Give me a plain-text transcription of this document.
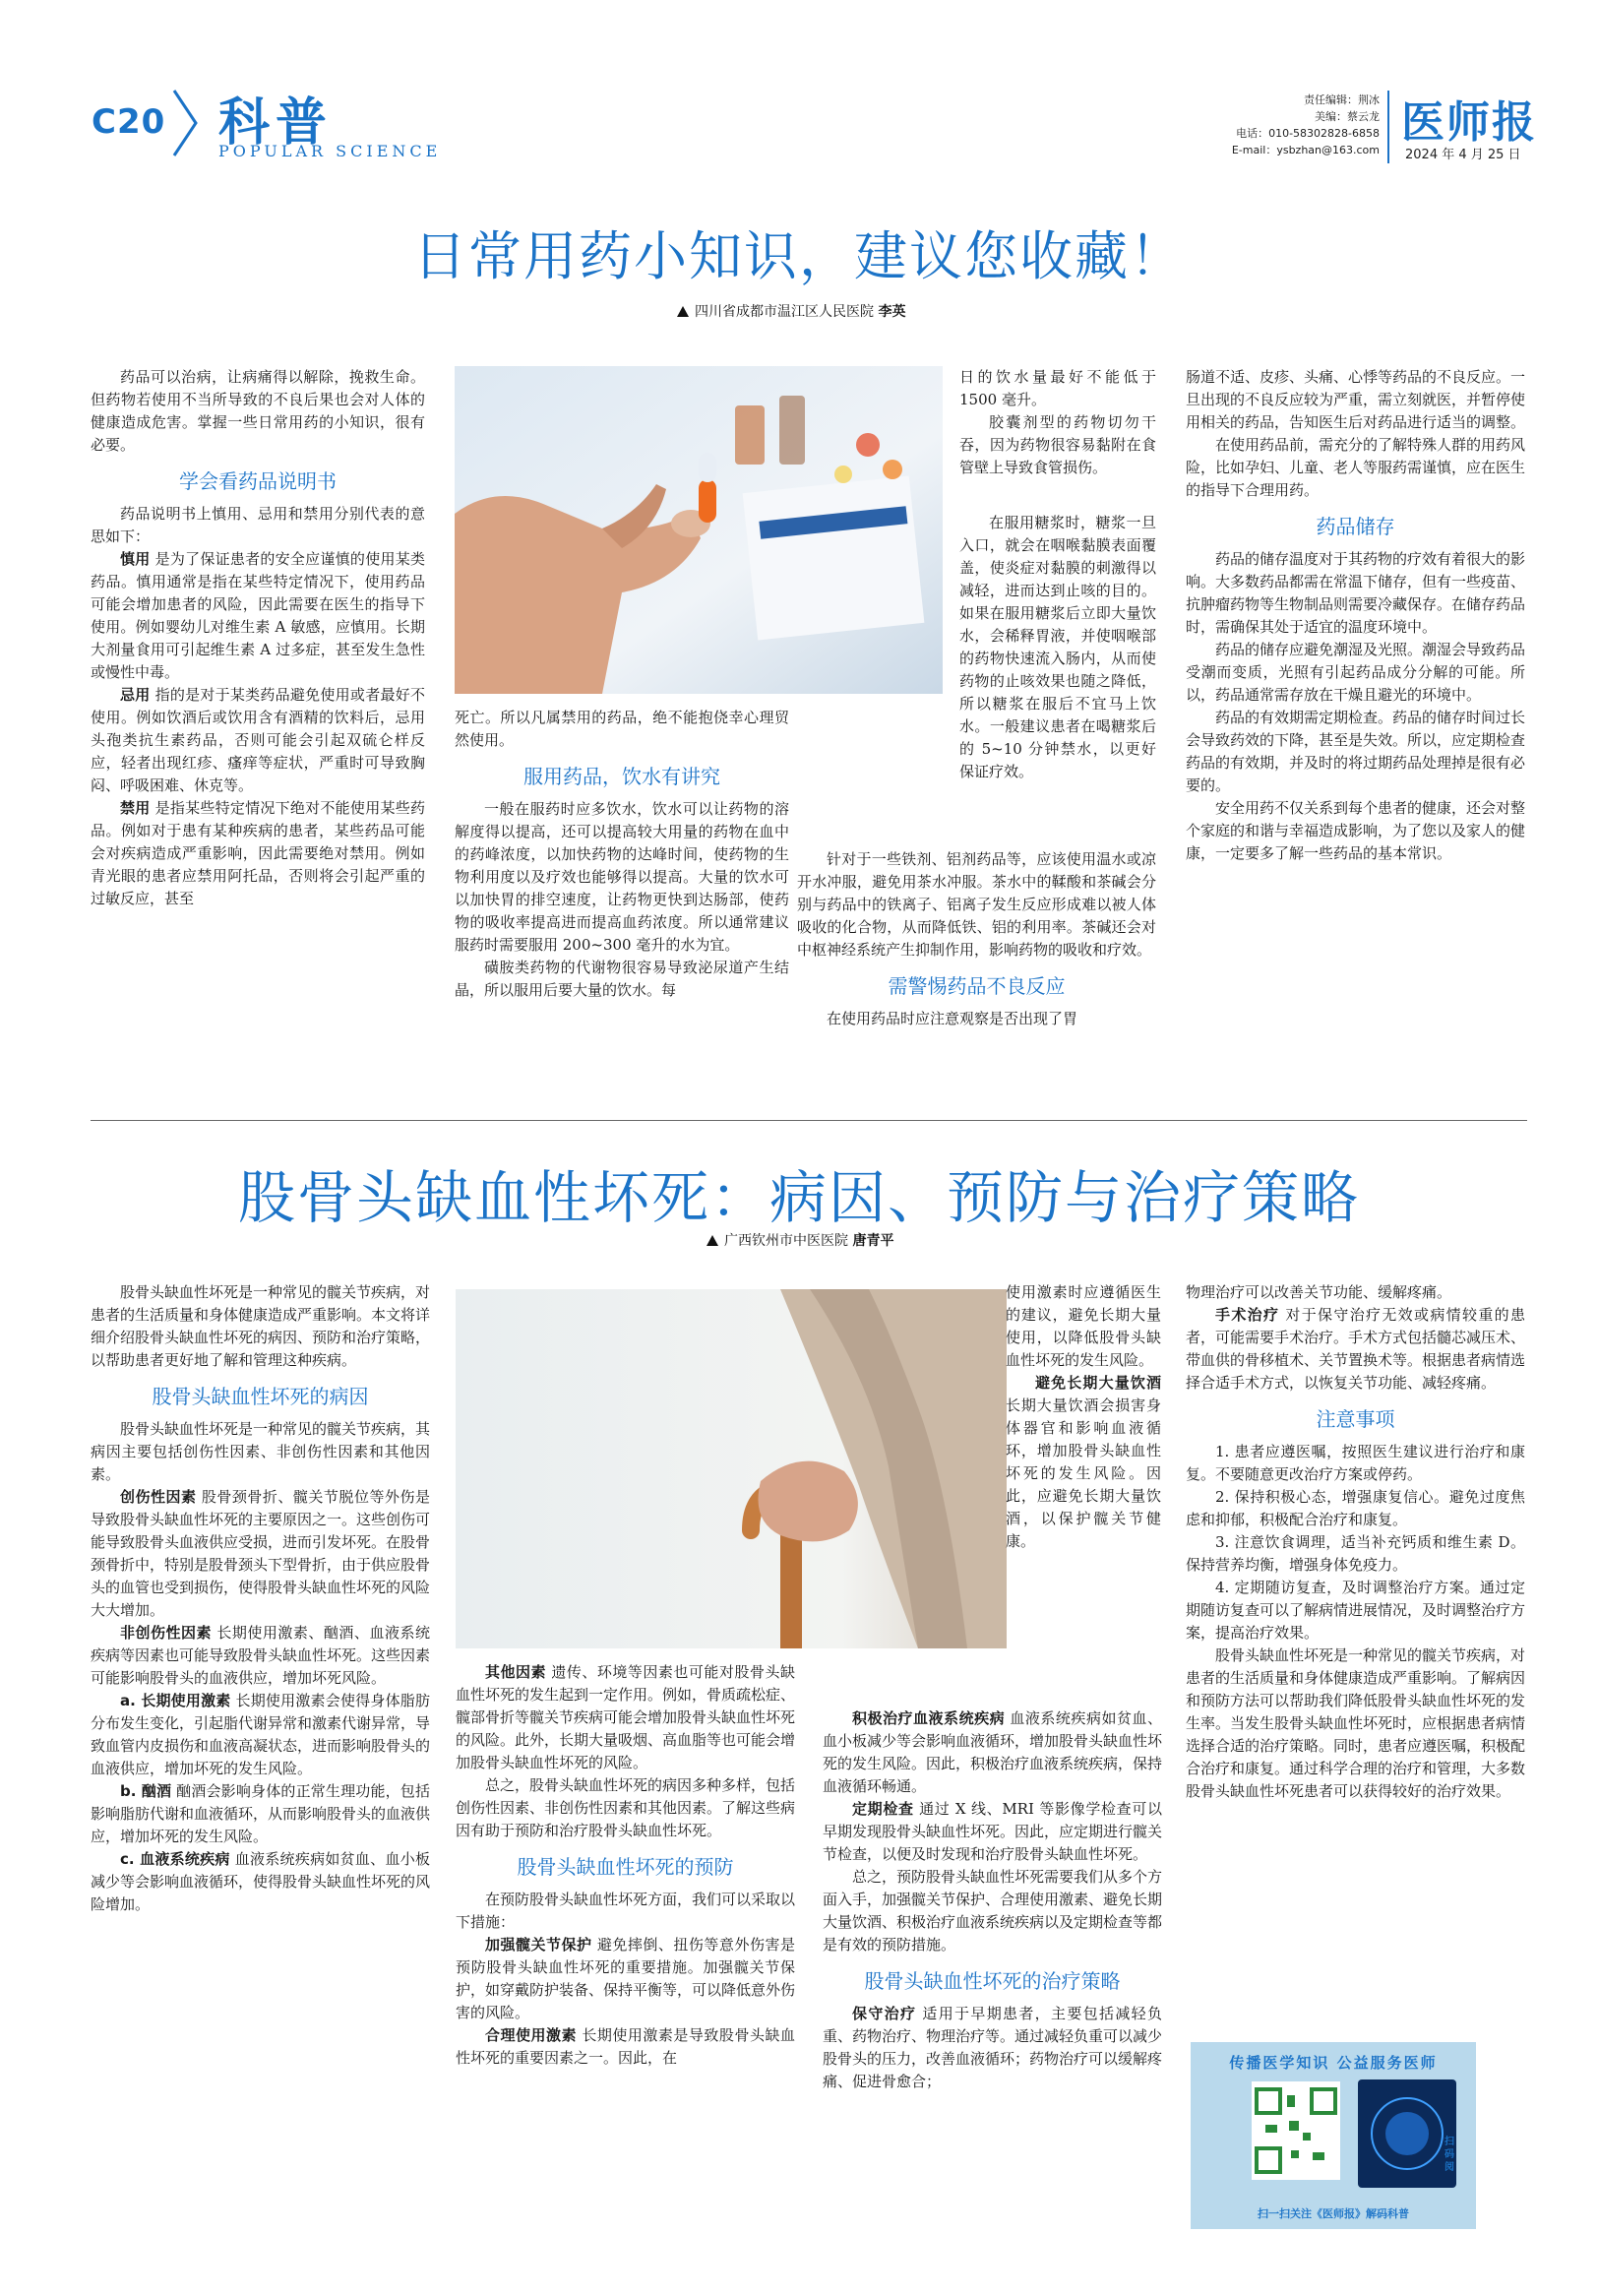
C20 科普
POPULAR SCIENCE
责任编辑：荆冰
美编：蔡云龙
电话：010-58302828-6858
E-mail：ysbzhan@163.com
医师报
2024 年 4 月 25 日
日常用药小知识，建议您收藏！
四川省成都市温江区人民医院 李英

药品可以治病，让病痛得以解除，挽救生命。但药物若使用不当所导致的不良后果也会对人体的健康造成危害。掌握一些日常用药的小知识，很有必要。

学会看药品说明书

药品说明书上慎用、忌用和禁用分别代表的意思如下：

慎用 是为了保证患者的安全应谨慎的使用某类药品。慎用通常是指在某些特定情况下，使用药品可能会增加患者的风险，因此需要在医生的指导下使用。例如婴幼儿对维生素 A 敏感，应慎用。长期大剂量食用可引起维生素 A 过多症，甚至发生急性或慢性中毒。

忌用 指的是对于某类药品避免使用或者最好不使用。例如饮酒后或饮用含有酒精的饮料后，忌用头孢类抗生素药品，否则可能会引起双硫仑样反应，轻者出现红疹、瘙痒等症状，严重时可导致胸闷、呼吸困难、休克等。

禁用 是指某些特定情况下绝对不能使用某些药品。例如对于患有某种疾病的患者，某些药品可能会对疾病造成严重影响，因此需要绝对禁用。例如青光眼的患者应禁用阿托品，否则将会引起严重的过敏反应，甚至

死亡。所以凡属禁用的药品，绝不能抱侥幸心理贸然使用。

服用药品，饮水有讲究

一般在服药时应多饮水，饮水可以让药物的溶解度得以提高，还可以提高较大用量的药物在血中的药峰浓度，以加快药物的达峰时间，使药物的生物利用度以及疗效也能够得以提高。大量的饮水可以加快胃的排空速度，让药物更快到达肠部，使药物的吸收率提高进而提高血药浓度。所以通常建议服药时需要服用 200~300 毫升的水为宜。

磺胺类药物的代谢物很容易导致泌尿道产生结晶，所以服用后要大量的饮水。每

日的饮水量最好不能低于 1500 毫升。

胶囊剂型的药物切勿干吞，因为药物很容易黏附在食管壁上导致食管损伤。

在服用糖浆时，糖浆一旦入口，就会在咽喉黏膜表面覆盖，使炎症对黏膜的刺激得以减轻，进而达到止咳的目的。如果在服用糖浆后立即大量饮水，会稀释胃液，并使咽喉部的药物快速流入肠内，从而使药物的止咳效果也随之降低，所以糖浆在服后不宜马上饮水。一般建议患者在喝糖浆后的 5~10 分钟禁水，以更好保证疗效。

针对于一些铁剂、铝剂药品等，应该使用温水或凉开水冲服，避免用茶水冲服。茶水中的鞣酸和茶碱会分别与药品中的铁离子、铝离子发生反应形成难以被人体吸收的化合物，从而降低铁、铝的利用率。茶碱还会对中枢神经系统产生抑制作用，影响药物的吸收和疗效。

需警惕药品不良反应

在使用药品时应注意观察是否出现了胃

肠道不适、皮疹、头痛、心悸等药品的不良反应。一旦出现的不良反应较为严重，需立刻就医，并暂停使用相关的药品，告知医生后对药品进行适当的调整。

在使用药品前，需充分的了解特殊人群的用药风险，比如孕妇、儿童、老人等服药需谨慎，应在医生的指导下合理用药。

药品储存

药品的储存温度对于其药物的疗效有着很大的影响。大多数药品都需在常温下储存，但有一些疫苗、抗肿瘤药物等生物制品则需要冷藏保存。在储存药品时，需确保其处于适宜的温度环境中。

药品的储存应避免潮湿及光照。潮湿会导致药品受潮而变质，光照有引起药品成分分解的可能。所以，药品通常需存放在干燥且避光的环境中。

药品的有效期需定期检查。药品的储存时间过长会导致药效的下降，甚至是失效。所以，应定期检查药品的有效期，并及时的将过期药品处理掉是很有必要的。

安全用药不仅关系到每个患者的健康，还会对整个家庭的和谐与幸福造成影响，为了您以及家人的健康，一定要多了解一些药品的基本常识。

股骨头缺血性坏死：病因、预防与治疗策略
广西钦州市中医医院 唐青平

股骨头缺血性坏死是一种常见的髋关节疾病，对患者的生活质量和身体健康造成严重影响。本文将详细介绍股骨头缺血性坏死的病因、预防和治疗策略，以帮助患者更好地了解和管理这种疾病。

股骨头缺血性坏死的病因

股骨头缺血性坏死是一种常见的髋关节疾病，其病因主要包括创伤性因素、非创伤性因素和其他因素。

创伤性因素 股骨颈骨折、髋关节脱位等外伤是导致股骨头缺血性坏死的主要原因之一。这些创伤可能导致股骨头血液供应受损，进而引发坏死。在股骨颈骨折中，特别是股骨颈头下型骨折，由于供应股骨头的血管也受到损伤，使得股骨头缺血性坏死的风险大大增加。

非创伤性因素 长期使用激素、酗酒、血液系统疾病等因素也可能导致股骨头缺血性坏死。这些因素可能影响股骨头的血液供应，增加坏死风险。

a. 长期使用激素 长期使用激素会使得身体脂肪分布发生变化，引起脂代谢异常和激素代谢异常，导致血管内皮损伤和血液高凝状态，进而影响股骨头的血液供应，增加坏死的发生风险。

b. 酗酒 酗酒会影响身体的正常生理功能，包括影响脂肪代谢和血液循环，从而影响股骨头的血液供应，增加坏死的发生风险。

c. 血液系统疾病 血液系统疾病如贫血、血小板减少等会影响血液循环，使得股骨头缺血性坏死的风险增加。

其他因素 遗传、环境等因素也可能对股骨头缺血性坏死的发生起到一定作用。例如，骨质疏松症、髋部骨折等髋关节疾病可能会增加股骨头缺血性坏死的风险。此外，长期大量吸烟、高血脂等也可能会增加股骨头缺血性坏死的风险。

总之，股骨头缺血性坏死的病因多种多样，包括创伤性因素、非创伤性因素和其他因素。了解这些病因有助于预防和治疗股骨头缺血性坏死。

股骨头缺血性坏死的预防

在预防股骨头缺血性坏死方面，我们可以采取以下措施：

加强髋关节保护 避免摔倒、扭伤等意外伤害是预防股骨头缺血性坏死的重要措施。加强髋关节保护，如穿戴防护装备、保持平衡等，可以降低意外伤害的风险。

合理使用激素 长期使用激素是导致股骨头缺血性坏死的重要因素之一。因此，在

使用激素时应遵循医生的建议，避免长期大量使用，以降低股骨头缺血性坏死的发生风险。

避免长期大量饮酒 长期大量饮酒会损害身体器官和影响血液循环，增加股骨头缺血性坏死的发生风险。因此，应避免长期大量饮酒，以保护髋关节健康。

积极治疗血液系统疾病 血液系统疾病如贫血、血小板减少等会影响血液循环，增加股骨头缺血性坏死的发生风险。因此，积极治疗血液系统疾病，保持血液循环畅通。

定期检查 通过 X 线、MRI 等影像学检查可以早期发现股骨头缺血性坏死。因此，应定期进行髋关节检查，以便及时发现和治疗股骨头缺血性坏死。

总之，预防股骨头缺血性坏死需要我们从多个方面入手，加强髋关节保护、合理使用激素、避免长期大量饮酒、积极治疗血液系统疾病以及定期检查等都是有效的预防措施。

股骨头缺血性坏死的治疗策略

保守治疗 适用于早期患者，主要包括减轻负重、药物治疗、物理治疗等。通过减轻负重可以减少股骨头的压力，改善血液循环；药物治疗可以缓解疼痛、促进骨愈合；

物理治疗可以改善关节功能、缓解疼痛。

手术治疗 对于保守治疗无效或病情较重的患者，可能需要手术治疗。手术方式包括髓芯减压术、带血供的骨移植术、关节置换术等。根据患者病情选择合适手术方式，以恢复关节功能、减轻疼痛。

注意事项

1. 患者应遵医嘱，按照医生建议进行治疗和康复。不要随意更改治疗方案或停药。

2. 保持积极心态，增强康复信心。避免过度焦虑和抑郁，积极配合治疗和康复。

3. 注意饮食调理，适当补充钙质和维生素 D。保持营养均衡，增强身体免疫力。

4. 定期随访复查，及时调整治疗方案。通过定期随访复查可以了解病情进展情况，及时调整治疗方案，提高治疗效果。

股骨头缺血性坏死是一种常见的髋关节疾病，对患者的生活质量和身体健康造成严重影响。了解病因和预防方法可以帮助我们降低股骨头缺血性坏死的发生率。当发生股骨头缺血性坏死时，应根据患者病情选择合适的治疗策略。同时，患者应遵医嘱，积极配合治疗和康复。通过科学合理的治疗和管理，大多数股骨头缺血性坏死患者可以获得较好的治疗效果。

传播医学知识 公益服务医师
扫码阅
扫一扫关注《医师报》解码科普
